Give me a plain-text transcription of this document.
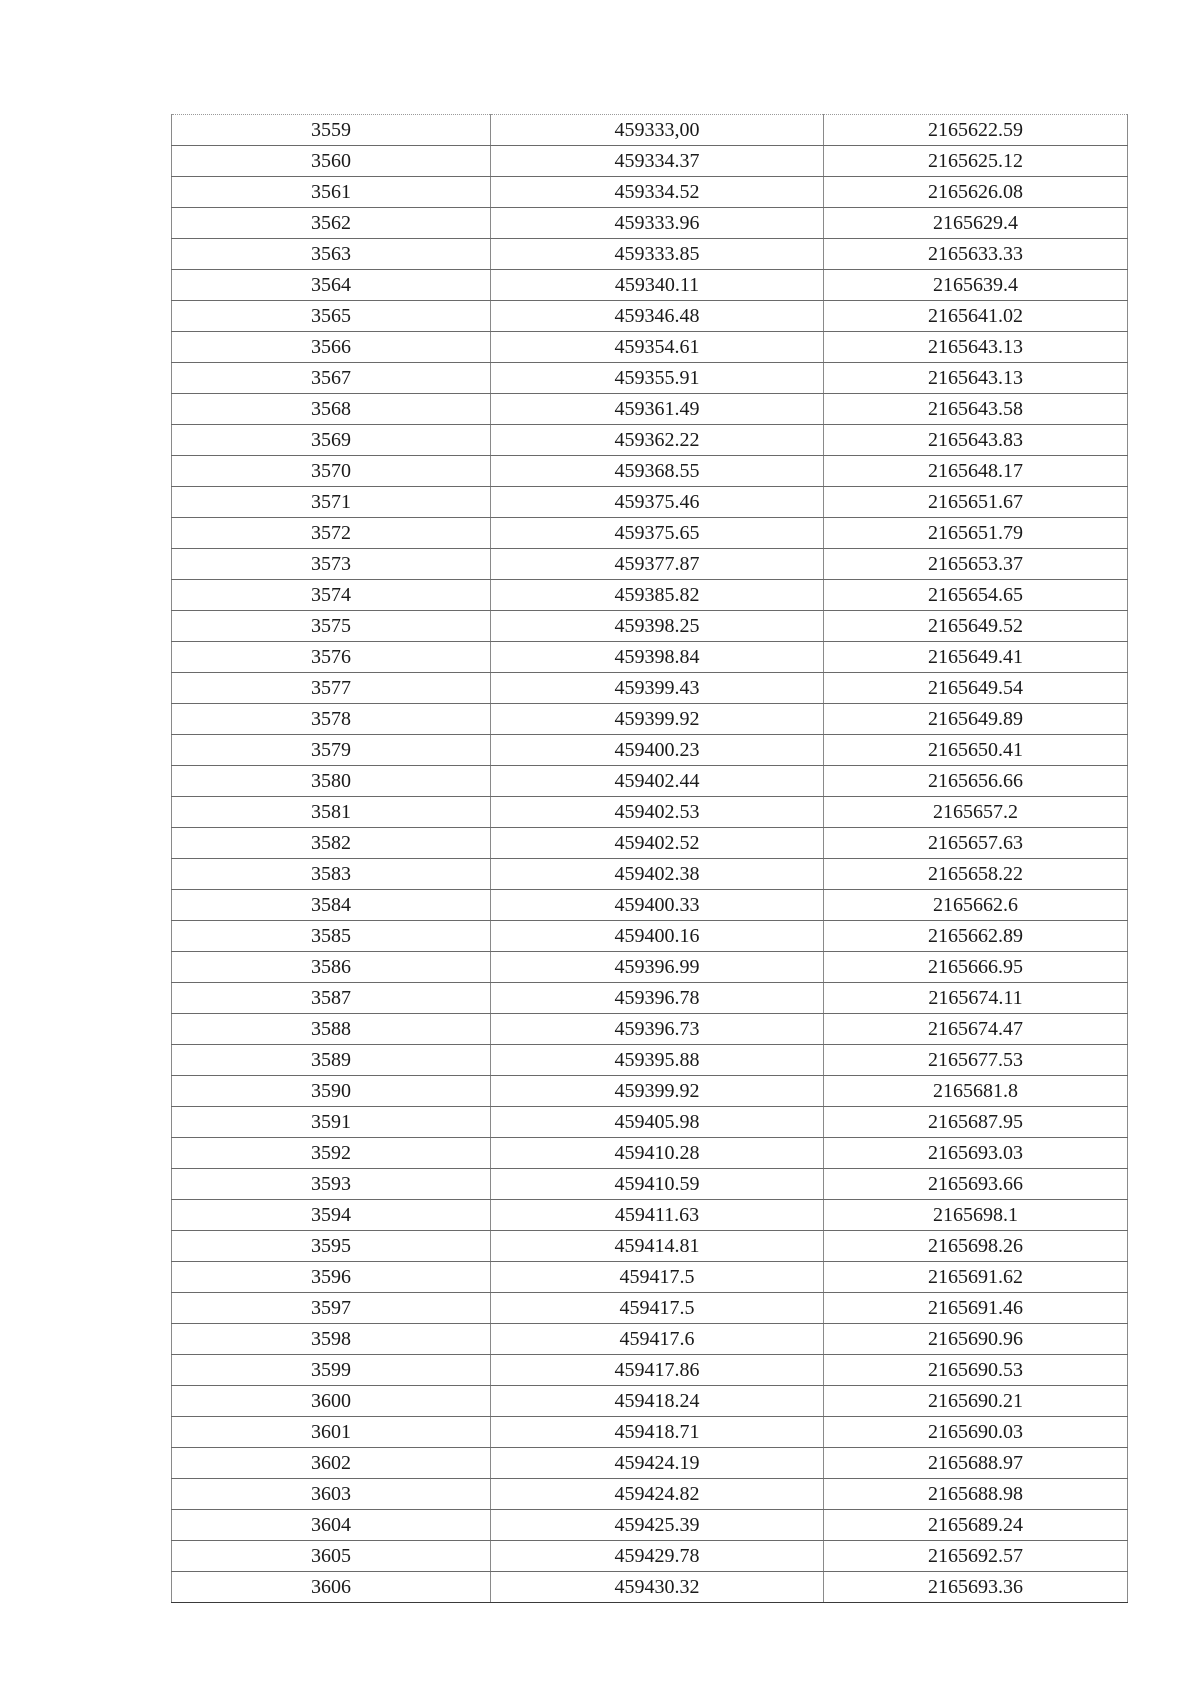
3559	459333,00	2165622.59
3560	459334.37	2165625.12
3561	459334.52	2165626.08
3562	459333.96	2165629.4
3563	459333.85	2165633.33
3564	459340.11	2165639.4
3565	459346.48	2165641.02
3566	459354.61	2165643.13
3567	459355.91	2165643.13
3568	459361.49	2165643.58
3569	459362.22	2165643.83
3570	459368.55	2165648.17
3571	459375.46	2165651.67
3572	459375.65	2165651.79
3573	459377.87	2165653.37
3574	459385.82	2165654.65
3575	459398.25	2165649.52
3576	459398.84	2165649.41
3577	459399.43	2165649.54
3578	459399.92	2165649.89
3579	459400.23	2165650.41
3580	459402.44	2165656.66
3581	459402.53	2165657.2
3582	459402.52	2165657.63
3583	459402.38	2165658.22
3584	459400.33	2165662.6
3585	459400.16	2165662.89
3586	459396.99	2165666.95
3587	459396.78	2165674.11
3588	459396.73	2165674.47
3589	459395.88	2165677.53
3590	459399.92	2165681.8
3591	459405.98	2165687.95
3592	459410.28	2165693.03
3593	459410.59	2165693.66
3594	459411.63	2165698.1
3595	459414.81	2165698.26
3596	459417.5	2165691.62
3597	459417.5	2165691.46
3598	459417.6	2165690.96
3599	459417.86	2165690.53
3600	459418.24	2165690.21
3601	459418.71	2165690.03
3602	459424.19	2165688.97
3603	459424.82	2165688.98
3604	459425.39	2165689.24
3605	459429.78	2165692.57
3606	459430.32	2165693.36
